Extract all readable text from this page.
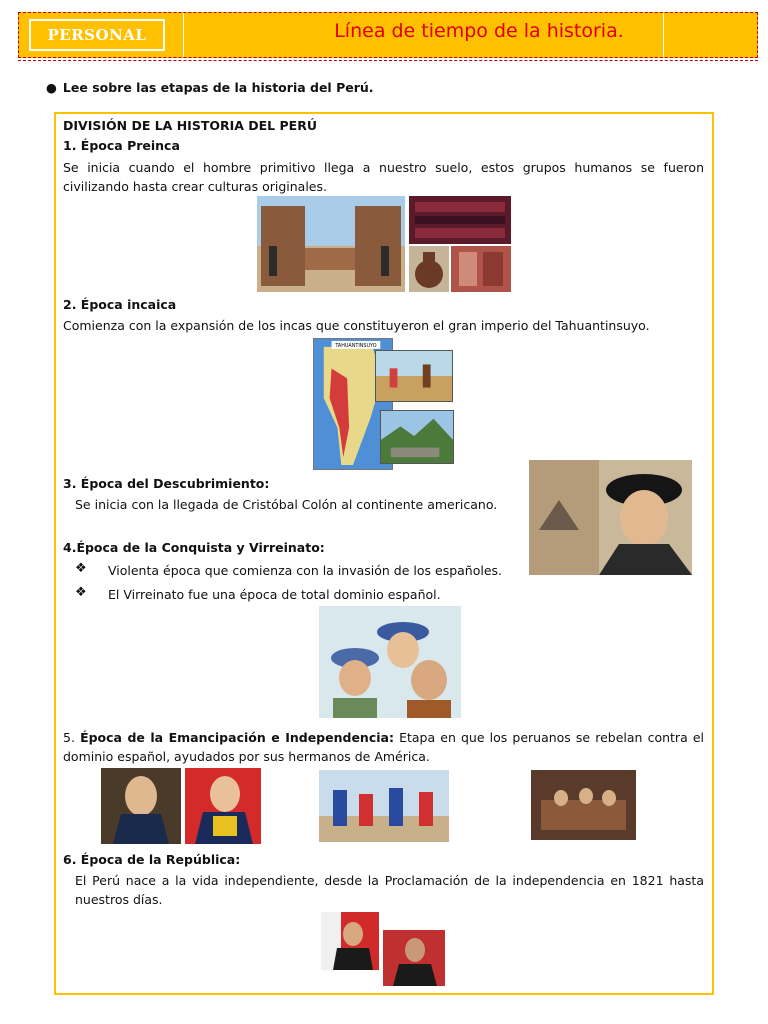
PERSONAL	Línea de tiempo de la historia.
● Lee sobre las etapas de la historia del Perú.
DIVISIÓN DE LA HISTORIA DEL PERÚ
1. Época Preinca
Se inicia cuando el hombre primitivo llega a nuestro suelo, estos grupos humanos se fueron civilizando hasta crear culturas originales.
2. Época incaica
Comienza con la expansión de los incas que constituyeron el gran imperio del Tahuantinsuyo.
TAHUANTINSUYO
3. Época del Descubrimiento:
Se inicia con la llegada de Cristóbal Colón al continente americano.
4.Época de la Conquista y Virreinato:
❖ Violenta época que comienza con la invasión de los españoles.
❖ El Virreinato fue una época de total dominio español.
5. Época de la Emancipación e Independencia: Etapa en que los peruanos se rebelan contra el dominio español, ayudados por sus hermanos de América.
6. Época de la República:
El Perú nace a la vida independiente, desde la Proclamación de la independencia en 1821 hasta nuestros días.
